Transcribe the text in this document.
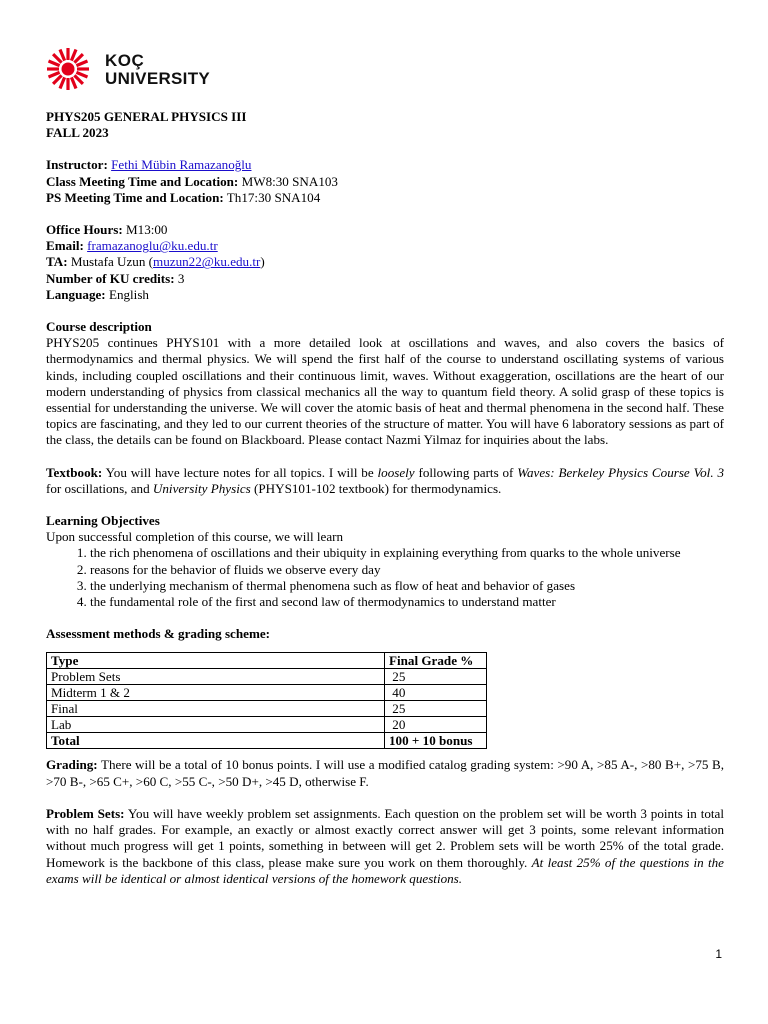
KOÇ
UNIVERSITY

PHYS205 GENERAL PHYSICS III

FALL 2023

Instructor: Fethi Mübin Ramazanoğlu

Class Meeting Time and Location: MW8:30 SNA103

PS Meeting Time and Location: Th17:30 SNA104

Office Hours: M13:00

Email: framazanoglu@ku.edu.tr

TA: Mustafa Uzun (muzun22@ku.edu.tr)

Number of KU credits: 3

Language: English

Course description

PHYS205 continues PHYS101 with a more detailed look at oscillations and waves, and also covers the basics of thermodynamics and thermal physics. We will spend the first half of the course to understand oscillating systems of various kinds, including coupled oscillations and their continuous limit, waves. Without exaggeration, oscillations are the heart of our modern understanding of physics from classical mechanics all the way to quantum field theory. A solid grasp of these topics is essential for understanding the universe. We will cover the atomic basis of heat and thermal phenomena in the second half. These topics are fascinating, and they led to our current theories of the structure of matter. You will have 6 laboratory sessions as part of the class, the details can be found on Blackboard. Please contact Nazmi Yilmaz for inquiries about the labs.

Textbook: You will have lecture notes for all topics. I will be loosely following parts of Waves: Berkeley Physics Course Vol. 3 for oscillations, and University Physics (PHYS101-102 textbook) for thermodynamics.

Learning Objectives

Upon successful completion of this course, we will learn

1. the rich phenomena of oscillations and their ubiquity in explaining everything from quarks to the whole universe
2. reasons for the behavior of fluids we observe every day
3. the underlying mechanism of thermal phenomena such as flow of heat and behavior of gases
4. the fundamental role of the first and second law of thermodynamics to understand matter

Assessment methods & grading scheme:

Type	Final Grade %
Problem Sets	25
Midterm 1 & 2	40
Final	25
Lab	20
Total	100 + 10 bonus

Grading: There will be a total of 10 bonus points. I will use a modified catalog grading system: >90 A, >85 A-, >80 B+, >75 B, >70 B-, >65 C+, >60 C, >55 C-, >50 D+, >45 D, otherwise F.

Problem Sets: You will have weekly problem set assignments. Each question on the problem set will be worth 3 points in total with no half grades. For example, an exactly or almost exactly correct answer will get 3 points, some relevant information without much progress will get 1 points, something in between will get 2. Problem sets will be worth 25% of the total grade. Homework is the backbone of this class, please make sure you work on them thoroughly. At least 25% of the questions in the exams will be identical or almost identical versions of the homework questions.

1
